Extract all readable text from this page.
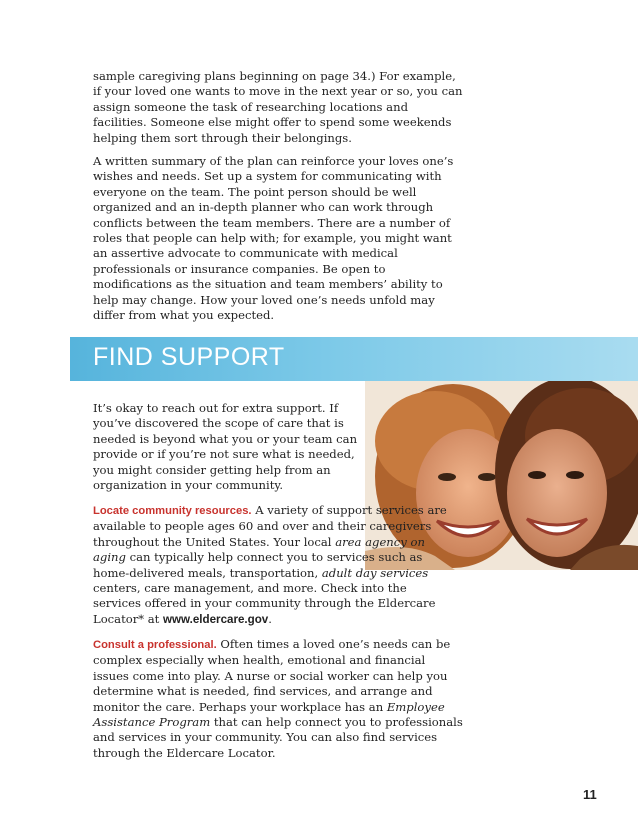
sample caregiving plans beginning on page 34.) For example, if your loved one wants to move in the next year or so, you can assign someone the task of researching locations and facilities. Someone else might offer to spend some weekends helping them sort through their belongings.

A written summary of the plan can reinforce your loves one’s wishes and needs. Set up a system for communicating with everyone on the team. The point person should be well organized and an in-depth planner who can work through conflicts between the team members. There are a number of roles that people can help with; for example, you might want an assertive advocate to communicate with medical professionals or insurance companies. Be open to modifications as the situation and team members’ ability to help may change. How your loved one’s needs unfold may differ from what you expected.

FIND SUPPORT

It’s okay to reach out for extra support. If you’ve discovered the scope of care that is needed is beyond what you or your team can provide or if you’re not sure what is needed, you might consider getting help from an organization in your community.

Locate community resources. A variety of support services are available to people ages 60 and over and their caregivers throughout the United States. Your local area agency on aging can typically help connect you to services such as home-delivered meals, transportation, adult day services centers, care management, and more. Check into the services offered in your community through the Eldercare Locator* at www.eldercare.gov.

Consult a professional. Often times a loved one’s needs can be complex especially when health, emotional and financial issues come into play. A nurse or social worker can help you determine what is needed, find services, and arrange and monitor the care. Perhaps your workplace has an Employee Assistance Program that can help connect you to professionals and services in your community. You can also find services through the Eldercare Locator.

11
